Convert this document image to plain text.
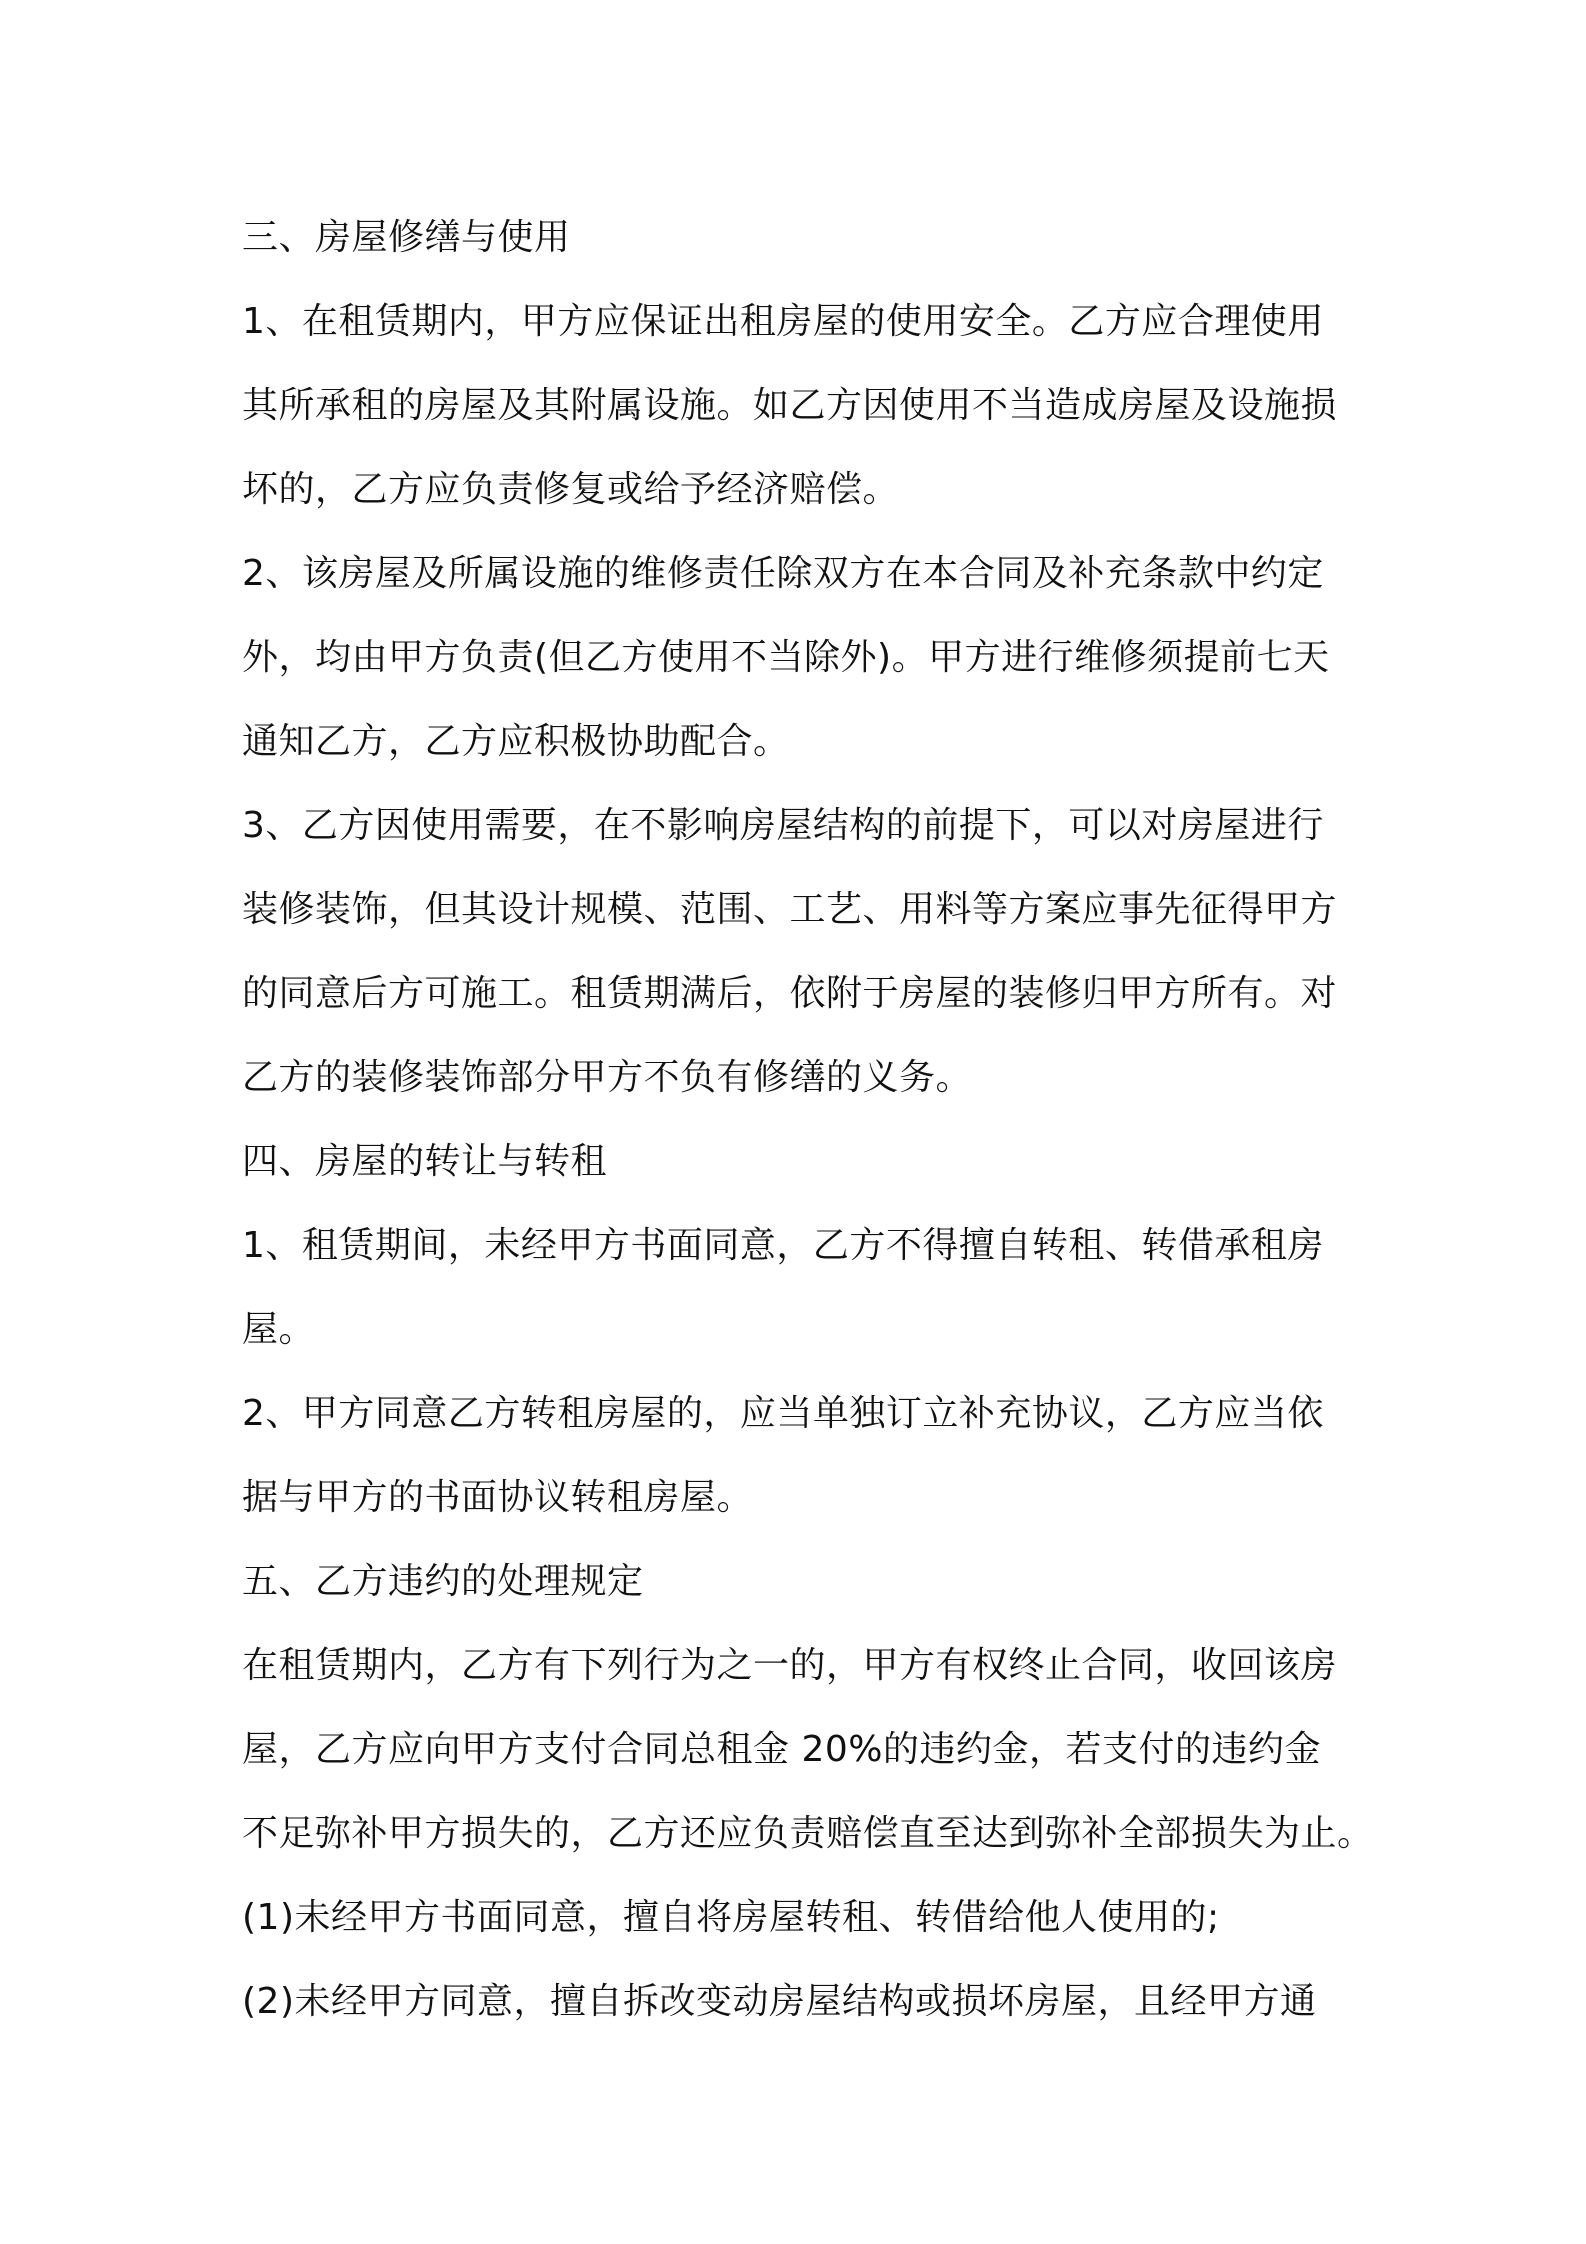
三、房屋修缮与使用
1、在租赁期内，甲方应保证出租房屋的使用安全。乙方应合理使用
其所承租的房屋及其附属设施。如乙方因使用不当造成房屋及设施损
坏的，乙方应负责修复或给予经济赔偿。
2、该房屋及所属设施的维修责任除双方在本合同及补充条款中约定
外，均由甲方负责(但乙方使用不当除外)。甲方进行维修须提前七天
通知乙方，乙方应积极协助配合。
3、乙方因使用需要，在不影响房屋结构的前提下，可以对房屋进行
装修装饰，但其设计规模、范围、工艺、用料等方案应事先征得甲方
的同意后方可施工。租赁期满后，依附于房屋的装修归甲方所有。对
乙方的装修装饰部分甲方不负有修缮的义务。
四、房屋的转让与转租
1、租赁期间，未经甲方书面同意，乙方不得擅自转租、转借承租房
屋。
2、甲方同意乙方转租房屋的，应当单独订立补充协议，乙方应当依
据与甲方的书面协议转租房屋。
五、乙方违约的处理规定
在租赁期内，乙方有下列行为之一的，甲方有权终止合同，收回该房
屋，乙方应向甲方支付合同总租金 20%的违约金，若支付的违约金
不足弥补甲方损失的，乙方还应负责赔偿直至达到弥补全部损失为止。
(1)未经甲方书面同意，擅自将房屋转租、转借给他人使用的;
(2)未经甲方同意，擅自拆改变动房屋结构或损坏房屋，且经甲方通
